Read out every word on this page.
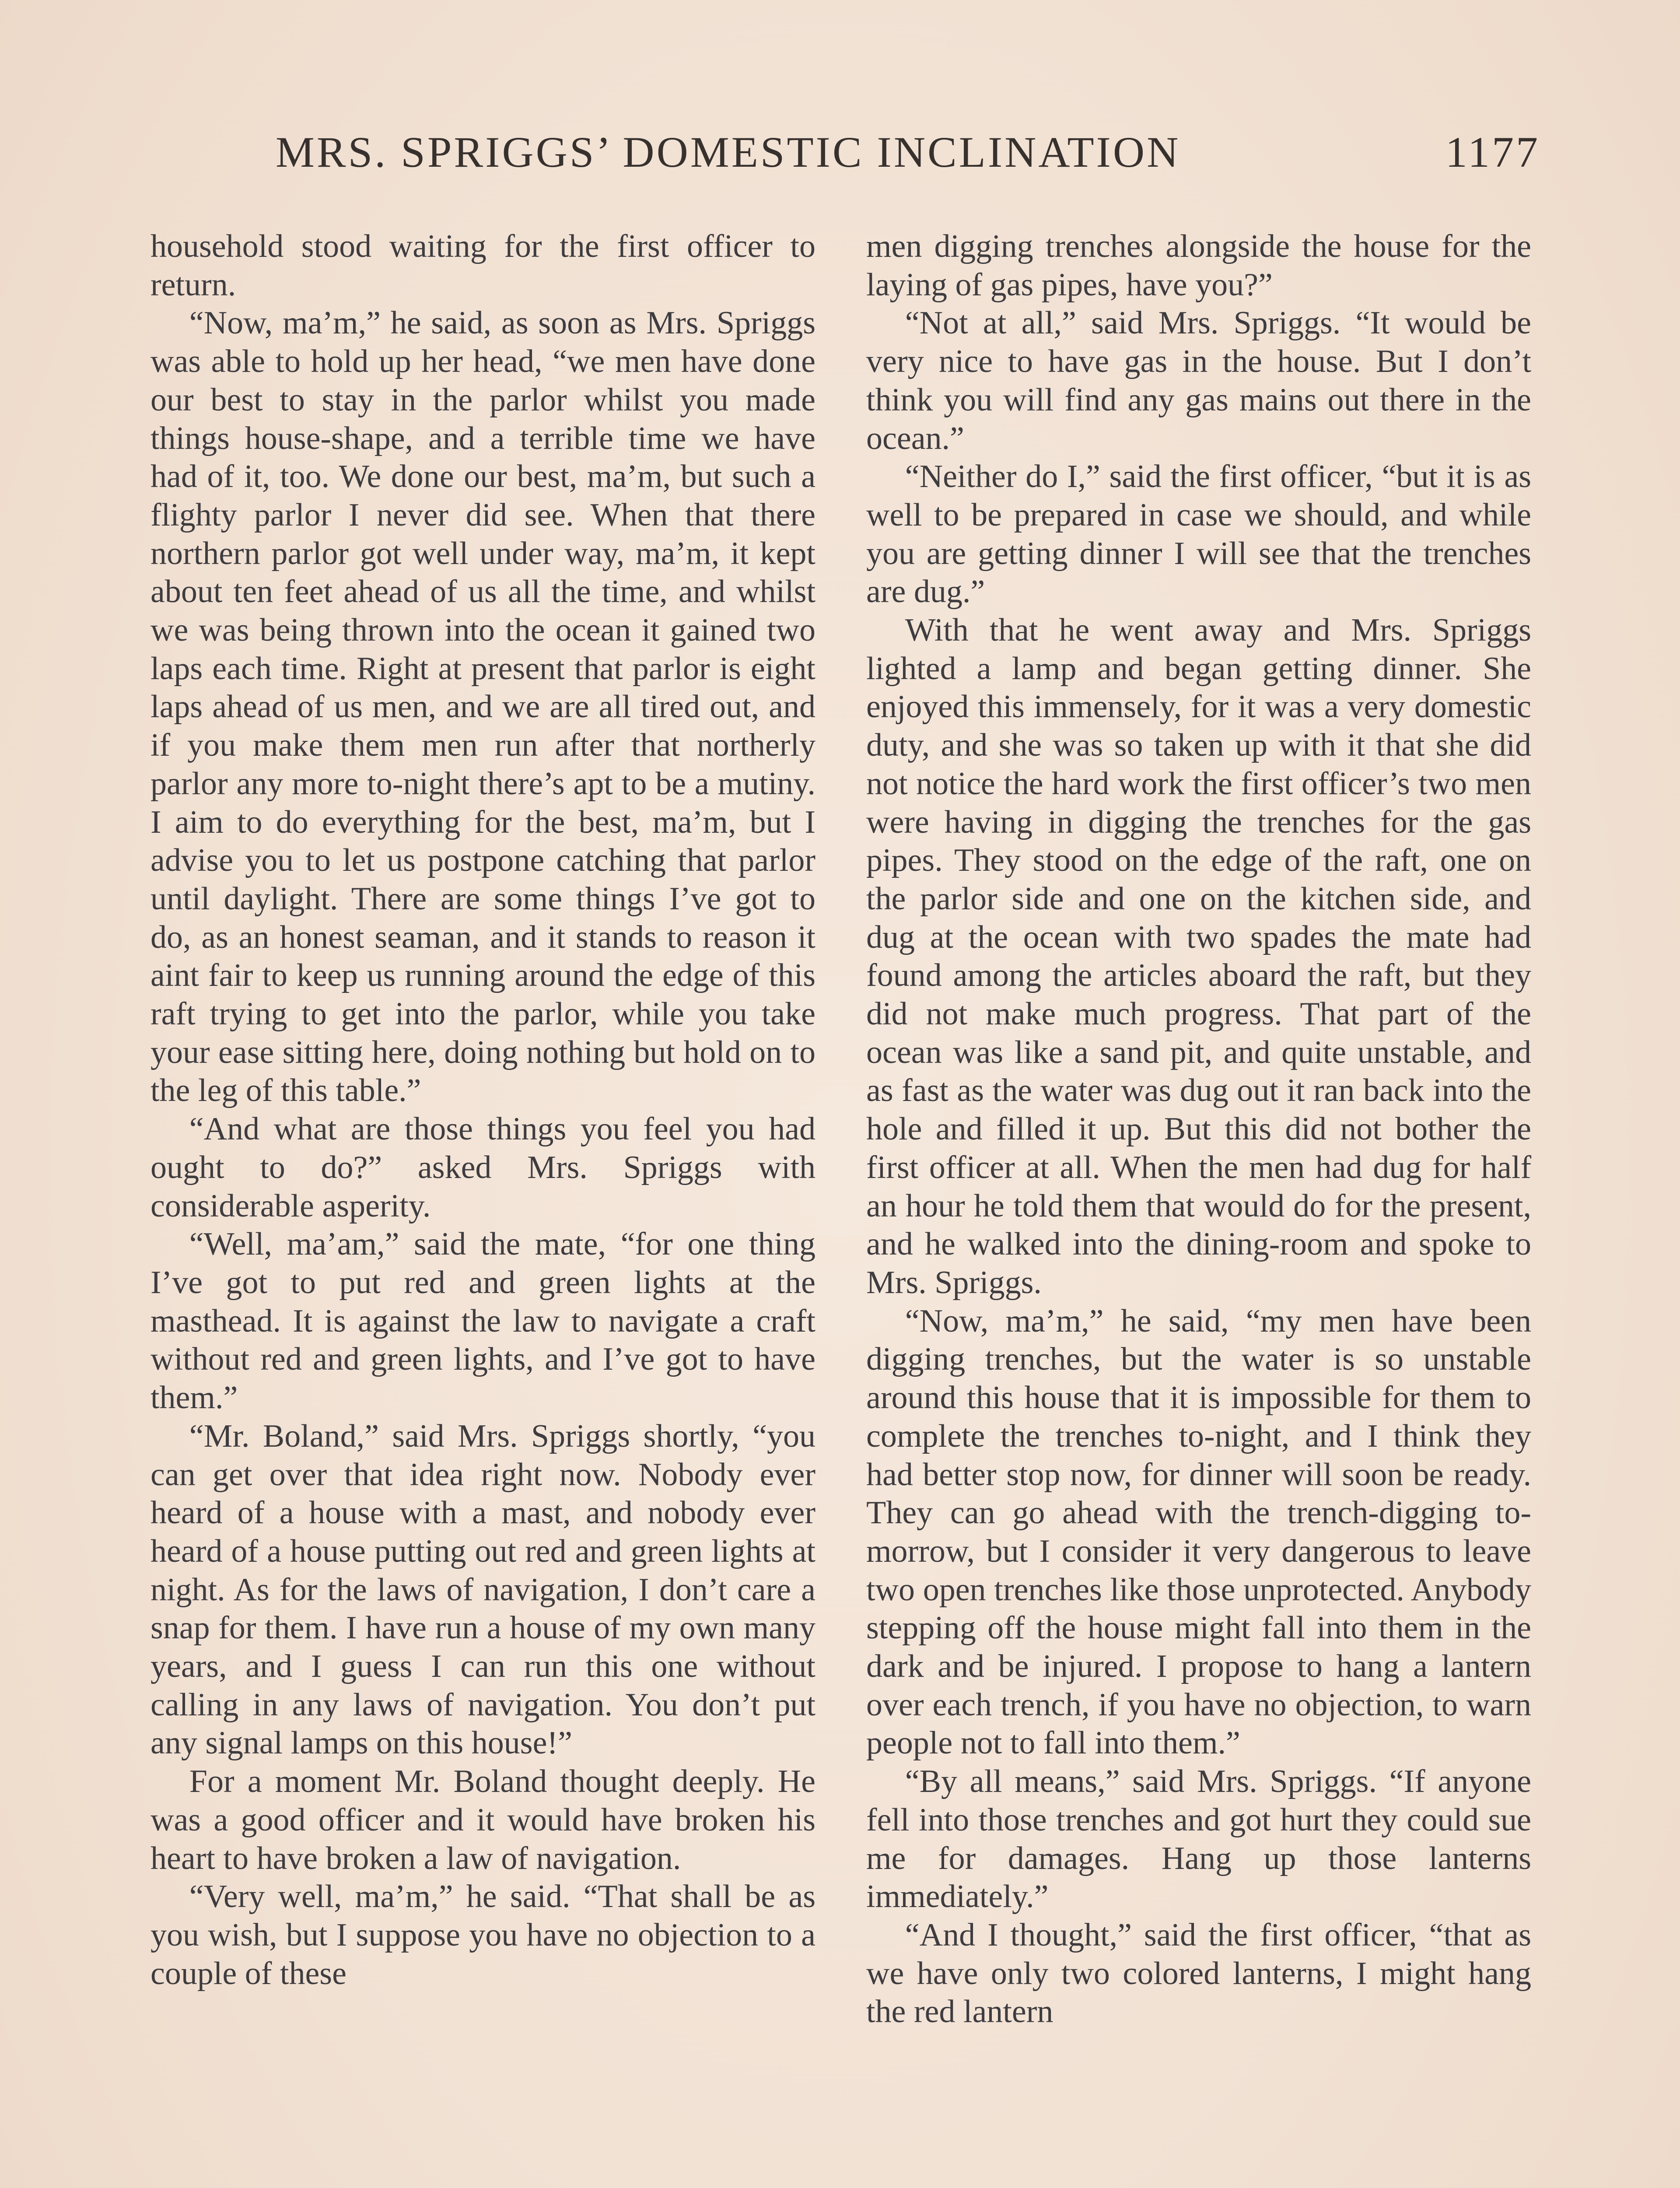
MRS. SPRIGGS’ DOMESTIC INCLINATION	1177

household stood waiting for the first officer to return.

“Now, ma’m,” he said, as soon as Mrs. Spriggs was able to hold up her head, “we men have done our best to stay in the parlor whilst you made things house-shape, and a terrible time we have had of it, too. We done our best, ma’m, but such a flighty parlor I never did see. When that there northern parlor got well under way, ma’m, it kept about ten feet ahead of us all the time, and whilst we was being thrown into the ocean it gained two laps each time. Right at present that parlor is eight laps ahead of us men, and we are all tired out, and if you make them men run after that northerly parlor any more to-night there’s apt to be a mutiny. I aim to do everything for the best, ma’m, but I advise you to let us postpone catching that parlor until daylight. There are some things I’ve got to do, as an honest seaman, and it stands to reason it aint fair to keep us running around the edge of this raft trying to get into the parlor, while you take your ease sitting here, doing nothing but hold on to the leg of this table.”

“And what are those things you feel you had ought to do?” asked Mrs. Spriggs with considerable asperity.

“Well, ma’am,” said the mate, “for one thing I’ve got to put red and green lights at the masthead. It is against the law to navigate a craft without red and green lights, and I’ve got to have them.”

“Mr. Boland,” said Mrs. Spriggs shortly, “you can get over that idea right now. Nobody ever heard of a house with a mast, and nobody ever heard of a house putting out red and green lights at night. As for the laws of navigation, I don’t care a snap for them. I have run a house of my own many years, and I guess I can run this one without calling in any laws of navigation. You don’t put any signal lamps on this house!”

For a moment Mr. Boland thought deeply. He was a good officer and it would have broken his heart to have broken a law of navigation.

“Very well, ma’m,” he said. “That shall be as you wish, but I suppose you have no objection to a couple of these

men digging trenches alongside the house for the laying of gas pipes, have you?”

“Not at all,” said Mrs. Spriggs. “It would be very nice to have gas in the house. But I don’t think you will find any gas mains out there in the ocean.”

“Neither do I,” said the first officer, “but it is as well to be prepared in case we should, and while you are getting dinner I will see that the trenches are dug.”

With that he went away and Mrs. Spriggs lighted a lamp and began getting dinner. She enjoyed this immensely, for it was a very domestic duty, and she was so taken up with it that she did not notice the hard work the first officer’s two men were having in digging the trenches for the gas pipes. They stood on the edge of the raft, one on the parlor side and one on the kitchen side, and dug at the ocean with two spades the mate had found among the articles aboard the raft, but they did not make much progress. That part of the ocean was like a sand pit, and quite unstable, and as fast as the water was dug out it ran back into the hole and filled it up. But this did not bother the first officer at all. When the men had dug for half an hour he told them that would do for the present, and he walked into the dining-room and spoke to Mrs. Spriggs.

“Now, ma’m,” he said, “my men have been digging trenches, but the water is so unstable around this house that it is impossible for them to complete the trenches to-night, and I think they had better stop now, for dinner will soon be ready. They can go ahead with the trench-digging to-morrow, but I consider it very dangerous to leave two open trenches like those unprotected. Anybody stepping off the house might fall into them in the dark and be injured. I propose to hang a lantern over each trench, if you have no objection, to warn people not to fall into them.”

“By all means,” said Mrs. Spriggs. “If anyone fell into those trenches and got hurt they could sue me for damages. Hang up those lanterns immediately.”

“And I thought,” said the first officer, “that as we have only two colored lanterns, I might hang the red lantern
